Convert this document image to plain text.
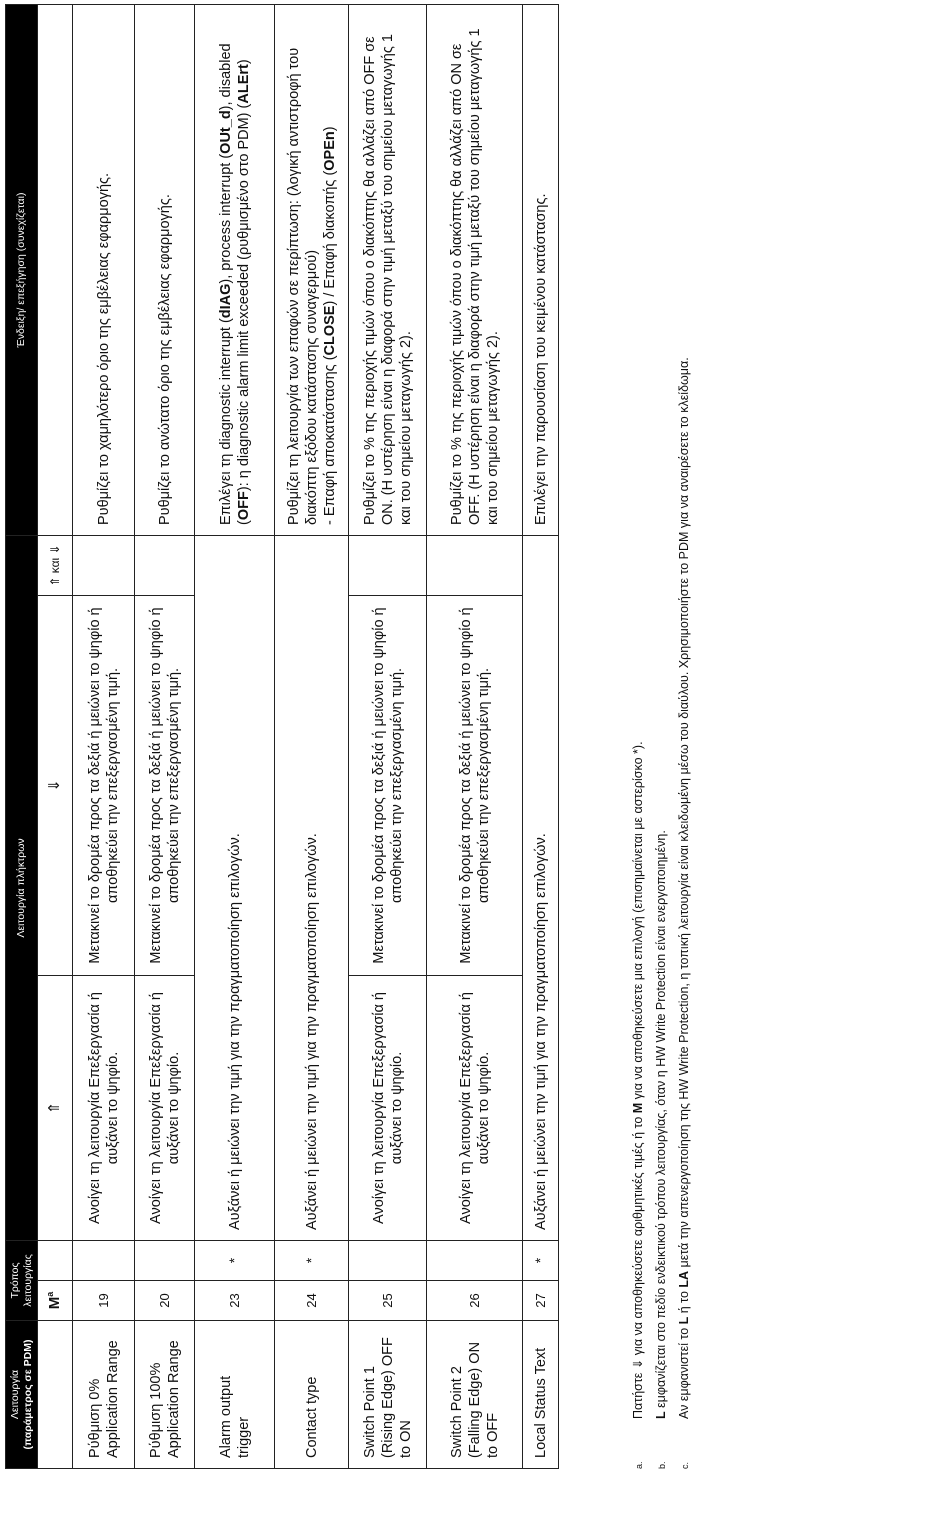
Λειτουργία
(παράμετρος σε PDM)	Τρόπος
λειτουργίας		Λειτουργία πλήκτρων			Ένδειξη/ επεξήγηση (συνεχίζεται)
	$M^a$		⇑	⇓	⇑ και ⇓	
Ρύθμιση 0% Application Range	19		Ανοίγει τη λειτουργία Επεξεργασία ή αυξάνει το ψηφίο.	Μετακινεί το δρομέα προς τα δεξιά ή μειώνει το ψηφίο ή αποθηκεύει την επεξεργασμένη τιμή.		Ρυθμίζει το χαμηλότερο όριο της εμβέλειας εφαρμογής.
Ρύθμιση 100% Application Range	20		Ανοίγει τη λειτουργία Επεξεργασία ή αυξάνει το ψηφίο.	Μετακινεί το δρομέα προς τα δεξιά ή μειώνει το ψηφίο ή αποθηκεύει την επεξεργασμένη τιμή.		Ρυθμίζει το ανώτατο όριο της εμβέλειας εφαρμογής.
Alarm output trigger	23	*	Αυξάνει ή μειώνει την τιμή για την πραγματοποίηση επιλογών.			Επιλέγει τη diagnostic interrupt (dIAG), process interrupt (OUt_d), disabled (OFF): η diagnostic alarm limit exceeded (ρυθμισμένο στο PDM) (ALErt)
Contact type	24	*	Αυξάνει ή μειώνει την τιμή για την πραγματοποίηση επιλογών.			Ρυθμίζει τη λειτουργία των επαφών σε περίπτωση: (λογική αντιστροφή του διακόπτη εξόδου κατάστασης συναγερμού) - Επαφή αποκατάστασης (CLOSE) / Επαφή διακοπής (OPEn)
Switch Point 1 (Rising Edge) OFF to ON	25		Ανοίγει τη λειτουργία Επεξεργασία ή αυξάνει το ψηφίο.	Μετακινεί το δρομέα προς τα δεξιά ή μειώνει το ψηφίο ή αποθηκεύει την επεξεργασμένη τιμή.		Ρυθμίζει το % της περιοχής τιμών όπου ο διακόπτης θα αλλάζει από OFF σε ON. (Η υστέρηση είναι η διαφορά στην τιμή μεταξύ του σημείου μεταγωγής 1 και του σημείου μεταγωγής 2).
Switch Point 2 (Falling Edge) ON to OFF	26		Ανοίγει τη λειτουργία Επεξεργασία ή αυξάνει το ψηφίο.	Μετακινεί το δρομέα προς τα δεξιά ή μειώνει το ψηφίο ή αποθηκεύει την επεξεργασμένη τιμή.		Ρυθμίζει το % της περιοχής τιμών όπου ο διακόπτης θα αλλάζει από ON σε OFF. (Η υστέρηση είναι η διαφορά στην τιμή μεταξύ του σημείου μεταγωγής 1 και του σημείου μεταγωγής 2).
Local Status Text	27	*	Αυξάνει ή μειώνει την τιμή για την πραγματοποίηση επιλογών.			Επιλέγει την παρουσίαση του κειμένου κατάστασης.
a.
Πατήστε ⇓ για να αποθηκεύσετε αριθμητικές τιμές ή το M για να αποθηκεύσετε μια επιλογή (επισημαίνεται με αστερίσκο *).
b.
L εμφανίζεται στο πεδίο ενδεικτικού τρόπου λειτουργίας, όταν η HW Write Protection είναι ενεργοποιημένη.
c.
Αν εμφανιστεί το L ή το LA μετά την απενεργοποίηση της HW Write Protection, η τοπική λειτουργία είναι κλειδωμένη μέσω του διαύλου. Χρησιμοποιήστε το PDM για να αναιρέσετε το κλείδωμα.
